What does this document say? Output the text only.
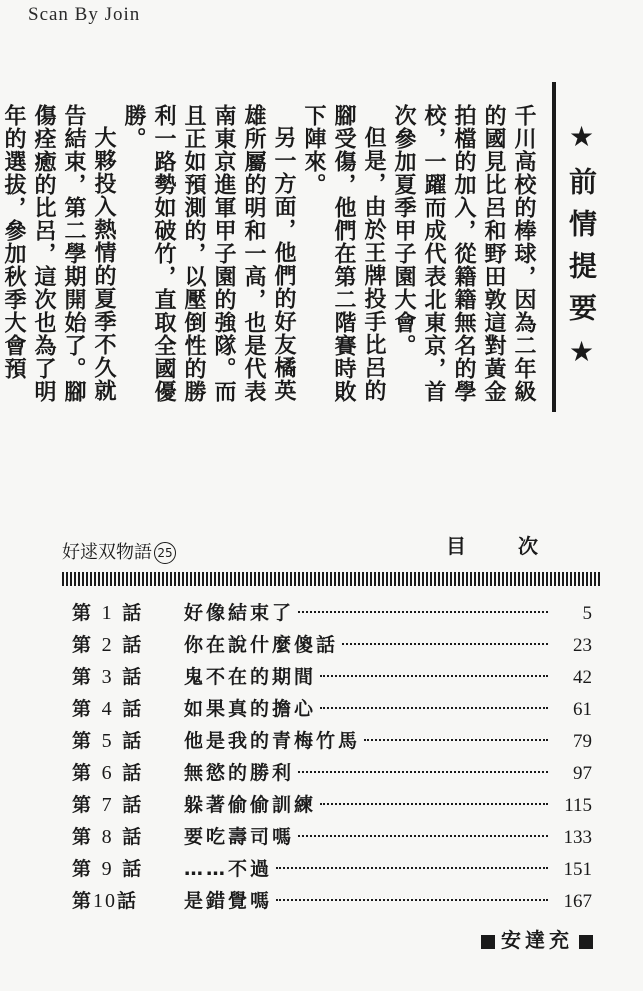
Scan By Join
★前情提要★

千川高校的棒球，因為二年級的國見比呂和野田敦這對黃金拍檔的加入，從籍籍無名的學校，一躍而成代表北東京，首次參加夏季甲子園大會。

但是，由於王牌投手比呂的腳受傷，他們在第二階賽時敗下陣來。

另一方面，他們的好友橘英雄所屬的明和一高，也是代表南東京進軍甲子園的強隊。而且正如預測的，以壓倒性的勝利一路勢如破竹，直取全國優勝。

大夥投入熱情的夏季不久就告結束，第二學期開始了。腳傷痊癒的比呂，這次也為了明年的選拔，參加秋季大會預

好逑双物語 25	目次
第 1 話	好像結束了	5
第 2 話	你在說什麼傻話	23
第 3 話	鬼不在的期間	42
第 4 話	如果真的擔心	61
第 5 話	他是我的青梅竹馬	79
第 6 話	無慾的勝利	97
第 7 話	躲著偷偷訓練	115
第 8 話	要吃壽司嗎	133
第 9 話	……不過	151
第10話	是錯覺嗎	167
安達充
